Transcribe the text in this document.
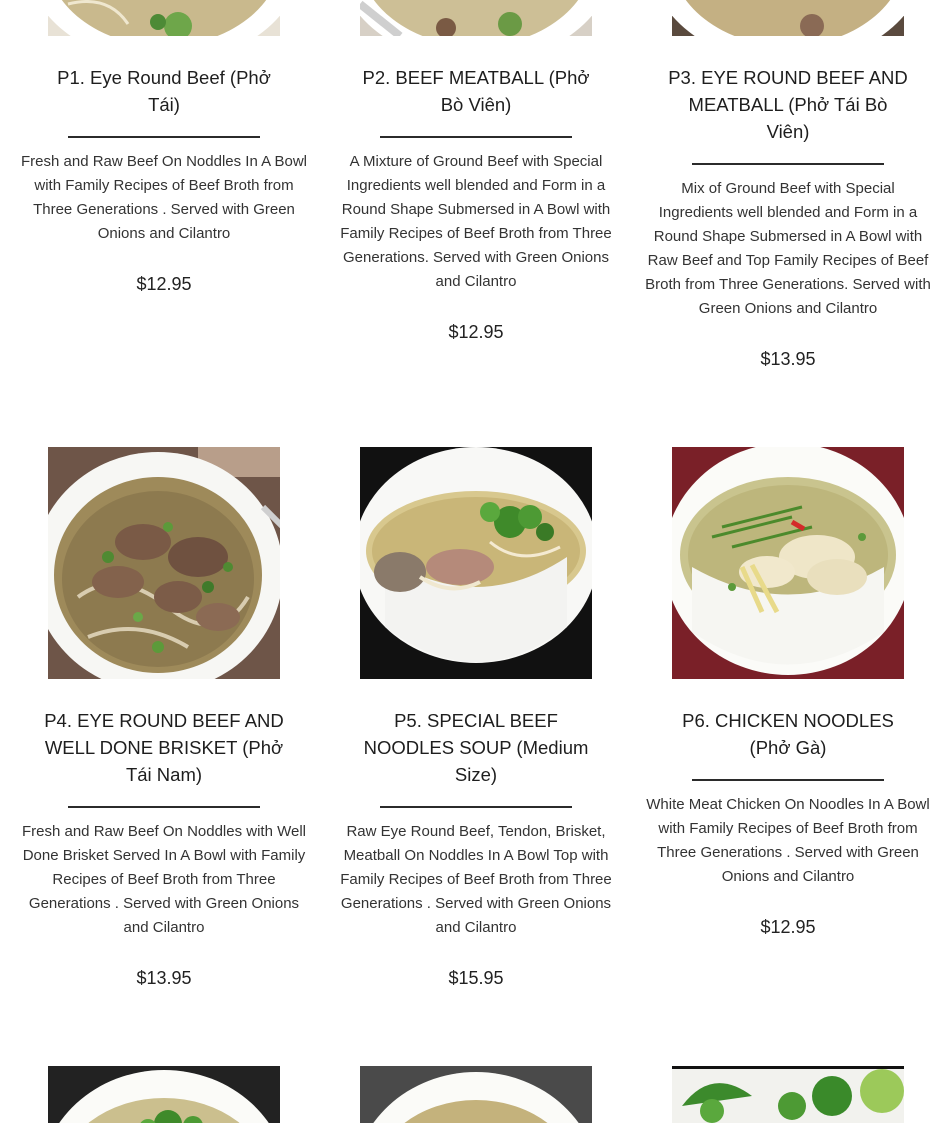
P1. Eye Round Beef (Phở Tái)
Fresh and Raw Beef On Noddles In A Bowl with Family Recipes of Beef Broth from Three Generations . Served with Green Onions and Cilantro
$12.95
P2. BEEF MEATBALL (Phở Bò Viên)
A Mixture of Ground Beef with Special Ingredients well blended and Form in a Round Shape Submersed in A Bowl with Family Recipes of Beef Broth from Three Generations. Served with Green Onions and Cilantro
$12.95
P3. EYE ROUND BEEF AND MEATBALL (Phở Tái Bò Viên)
Mix of Ground Beef with Special Ingredients well blended and Form in a Round Shape Submersed in A Bowl with Raw Beef and Top Family Recipes of Beef Broth from Three Generations. Served with Green Onions and Cilantro
$13.95
P4. EYE ROUND BEEF AND WELL DONE BRISKET (Phở Tái Nam)
Fresh and Raw Beef On Noddles with Well Done Brisket Served In A Bowl with Family Recipes of Beef Broth from Three Generations . Served with Green Onions and Cilantro
$13.95
P5. SPECIAL BEEF NOODLES SOUP (Medium Size)
Raw Eye Round Beef, Tendon, Brisket, Meatball On Noddles In A Bowl Top with Family Recipes of Beef Broth from Three Generations . Served with Green Onions and Cilantro
$15.95
P6. CHICKEN NOODLES (Phở Gà)
White Meat Chicken On Noodles In A Bowl with Family Recipes of Beef Broth from Three Generations . Served with Green Onions and Cilantro
$12.95
